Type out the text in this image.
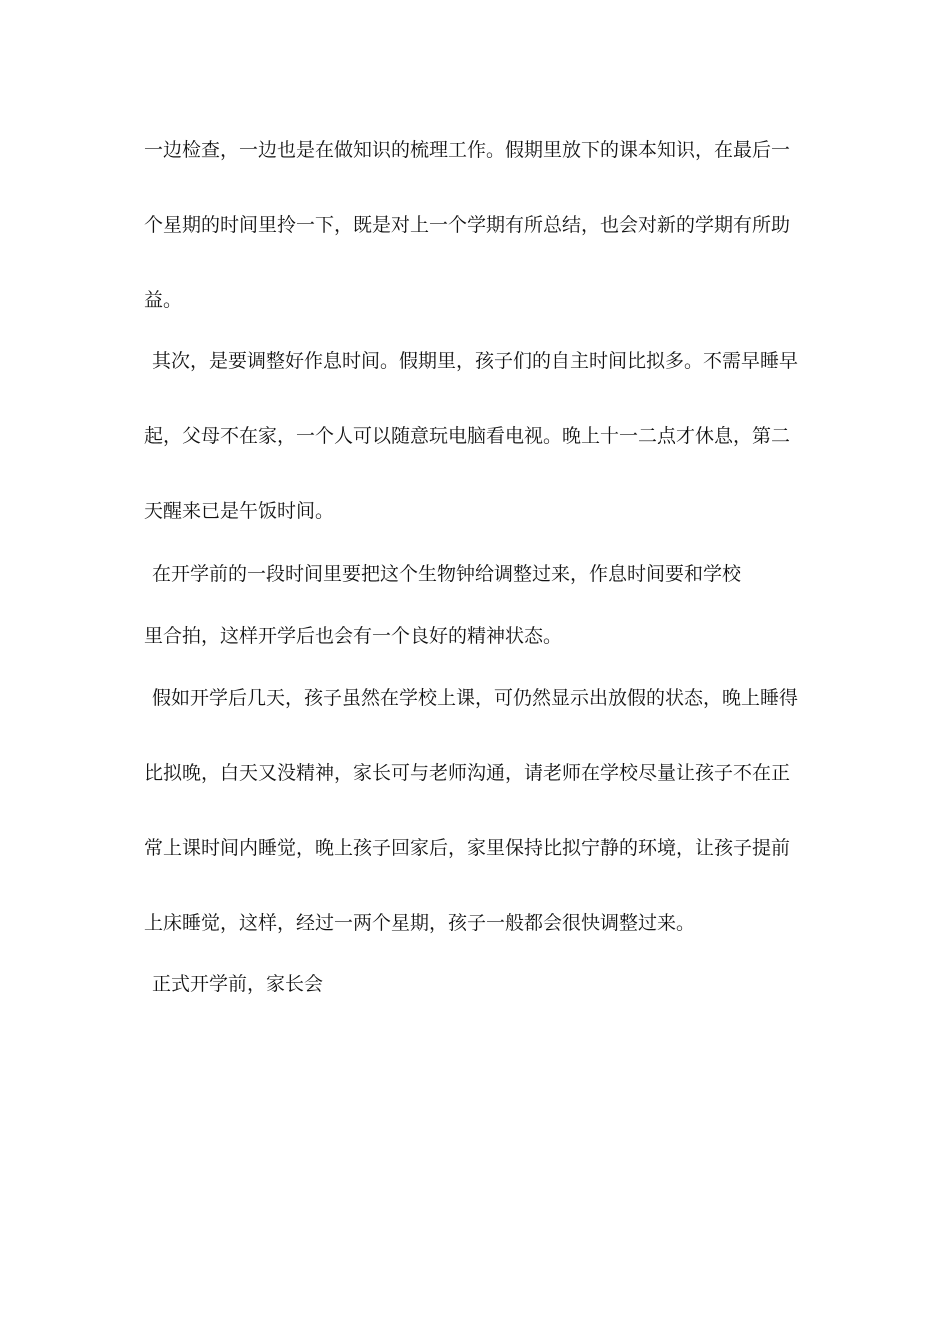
一边检查，一边也是在做知识的梳理工作。假期里放下的课本知识，在最后一

个星期的时间里拎一下，既是对上一个学期有所总结，也会对新的学期有所助

益。

其次，是要调整好作息时间。假期里，孩子们的自主时间比拟多。不需早睡早

起，父母不在家，一个人可以随意玩电脑看电视。晚上十一二点才休息，第二

天醒来已是午饭时间。

在开学前的一段时间里要把这个生物钟给调整过来，作息时间要和学校

里合拍，这样开学后也会有一个良好的精神状态。

假如开学后几天，孩子虽然在学校上课，可仍然显示出放假的状态，晚上睡得

比拟晚，白天又没精神，家长可与老师沟通，请老师在学校尽量让孩子不在正

常上课时间内睡觉，晚上孩子回家后，家里保持比拟宁静的环境，让孩子提前

上床睡觉，这样，经过一两个星期，孩子一般都会很快调整过来。

正式开学前，家长会
